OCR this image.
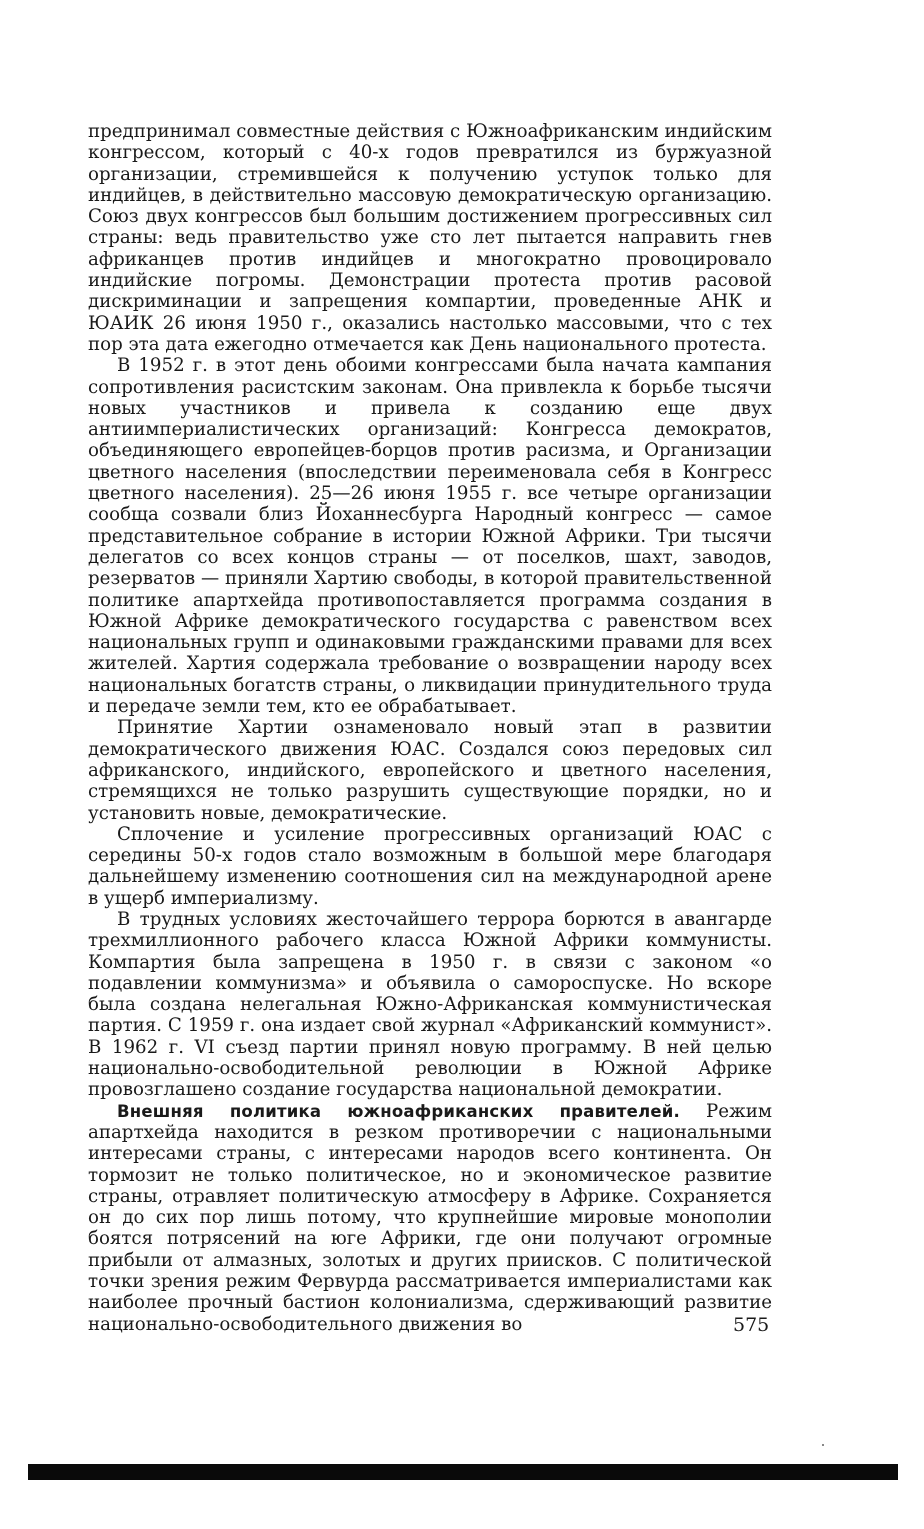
предпринимал совместные действия с Южноафриканским индийским конгрессом, который с 40-х годов превратился из буржуазной организации, стремившейся к получению уступок только для индийцев, в действительно массовую демократическую организацию. Союз двух конгрессов был большим достижением прогрессивных сил страны: ведь правительство уже сто лет пытается направить гнев африканцев против индийцев и многократно провоцировало индийские погромы. Демонстрации протеста против расовой дискриминации и запрещения компартии, проведенные АНК и ЮАИК 26 июня 1950 г., оказались настолько массовыми, что с тех пор эта дата ежегодно отмечается как День национального протеста.

В 1952 г. в этот день обоими конгрессами была начата кампания сопротивления расистским законам. Она привлекла к борьбе тысячи новых участников и привела к созданию еще двух антиимпериалистических организаций: Конгресса демократов, объединяющего европейцев-борцов против расизма, и Организации цветного населения (впоследствии переименовала себя в Конгресс цветного населения). 25—26 июня 1955 г. все четыре организации сообща созвали близ Йоханнесбурга Народный конгресс — самое представительное собрание в истории Южной Африки. Три тысячи делегатов со всех концов страны — от поселков, шахт, заводов, резерватов — приняли Хартию свободы, в которой правительственной политике апартхейда противопоставляется программа создания в Южной Африке демократического государства с равенством всех национальных групп и одинаковыми гражданскими правами для всех жителей. Хартия содержала требование о возвращении народу всех национальных богатств страны, о ликвидации принудительного труда и передаче земли тем, кто ее обрабатывает.

Принятие Хартии ознаменовало новый этап в развитии демократического движения ЮАС. Создался союз передовых сил африканского, индийского, европейского и цветного населения, стремящихся не только разрушить существующие порядки, но и установить новые, демократические.

Сплочение и усиление прогрессивных организаций ЮАС с середины 50-х годов стало возможным в большой мере благодаря дальнейшему изменению соотношения сил на международной арене в ущерб империализму.

В трудных условиях жесточайшего террора борются в авангарде трехмиллионного рабочего класса Южной Африки коммунисты. Компартия была запрещена в 1950 г. в связи с законом «о подавлении коммунизма» и объявила о самороспуске. Но вскоре была создана нелегальная Южно-Африканская коммунистическая партия. С 1959 г. она издает свой журнал «Африканский коммунист». В 1962 г. VI съезд партии принял новую программу. В ней целью национально-освободительной революции в Южной Африке провозглашено создание государства национальной демократии.

Внешняя политика южноафриканских правителей. Режим апартхейда находится в резком противоречии с национальными интересами страны, с интересами народов всего континента. Он тормозит не только политическое, но и экономическое развитие страны, отравляет политическую атмосферу в Африке. Сохраняется он до сих пор лишь потому, что крупнейшие мировые монополии боятся потрясений на юге Африки, где они получают огромные прибыли от алмазных, золотых и других приисков. С политической точки зрения режим Фервурда рассматривается империалистами как наиболее прочный бастион колониализма, сдерживающий развитие национально-освободительного движения во	575
